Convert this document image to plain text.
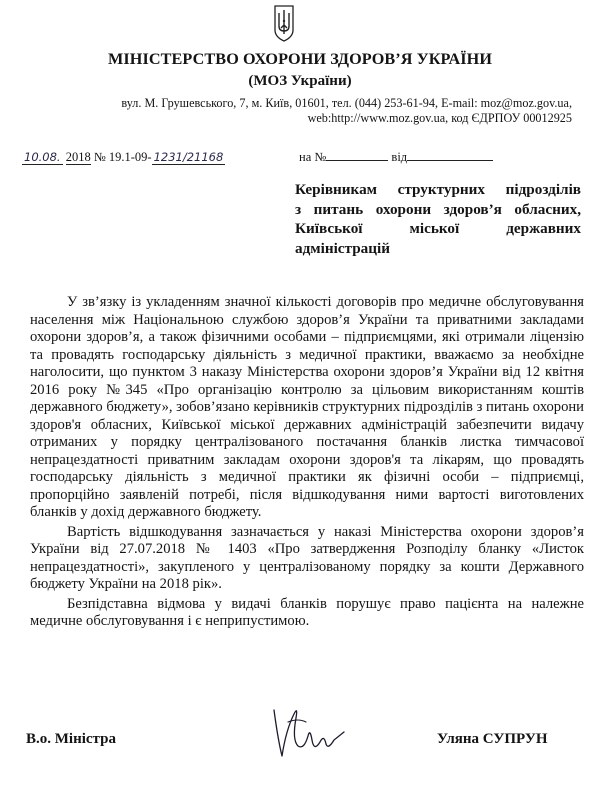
МІНІСТЕРСТВО ОХОРОНИ ЗДОРОВ’Я УКРАЇНИ
(МОЗ України)
вул. М. Грушевського, 7, м. Київ, 01601, тел. (044) 253-61-94, E-mail: moz@moz.gov.ua,
web:http://www.moz.gov.ua, код ЄДРПОУ 00012925
10.08. 2018 № 19.1-09- 1231/21168	на №	від
Керівникам структурних підрозділів
з питань охорони здоров’я обласних,
Київської міської державних
адміністрацій

У зв’язку із укладенням значної кількості договорів про медичне обслуговування населення між Національною службою здоров’я України та приватними закладами охорони здоров’я, а також фізичними особами – підприємцями, які отримали ліцензію та провадять господарську діяльність з медичної практики, вважаємо за необхідне наголосити, що пунктом 3 наказу Міністерства охорони здоров’я України від 12 квітня 2016 року №345 «Про організацію контролю за цільовим використанням коштів державного бюджету», зобов’язано керівників структурних підрозділів з питань охорони здоров'я обласних, Київської міської державних адміністрацій забезпечити видачу отриманих у порядку централізованого постачання бланків листка тимчасової непрацездатності приватним закладам охорони здоров'я та лікарям, що провадять господарську діяльність з медичної практики як фізичні особи – підприємці, пропорційно заявленій потребі, після відшкодування ними вартості виготовлених бланків у дохід державного бюджету.

Вартість відшкодування зазначається у наказі Міністерства охорони здоров’я України від 27.07.2018 № 1403 «Про затвердження Розподілу бланку «Листок непрацездатності», закупленого у централізованому порядку за кошти Державного бюджету України на 2018 рік».

Безпідставна відмова у видачі бланків порушує право пацієнта на належне медичне обслуговування і є неприпустимою.

В.о. Міністра	Уляна СУПРУН
